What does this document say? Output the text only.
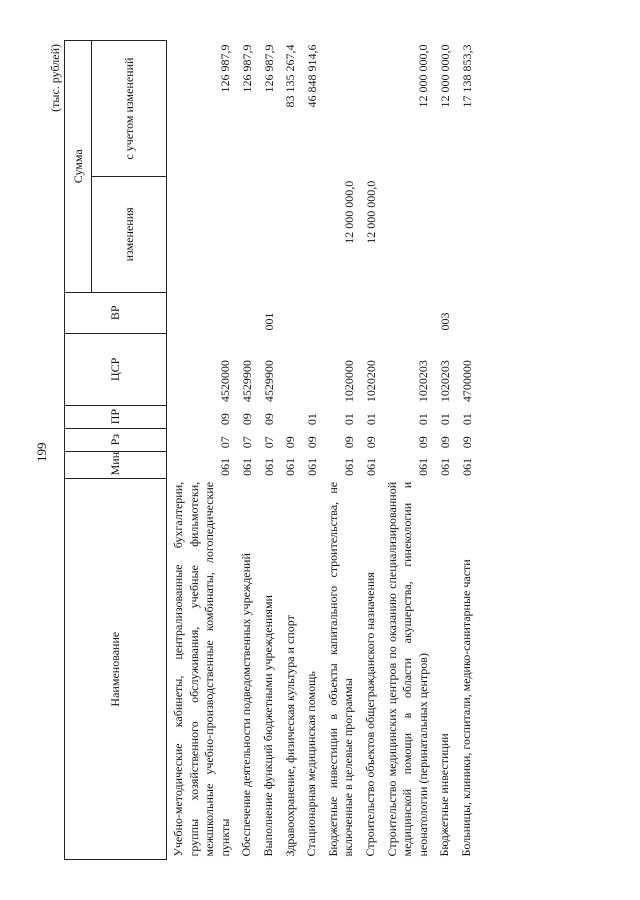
199
(тыс. рублей)
Наименование	Мин	Рз	ПР	ЦСР	ВР	Сумма	
						изменения	с учетом изменений
Учебно-методические кабинеты, централизованные бухгалтерии, группы хозяйственного обслуживания, учебные фильмотеки, межшкольные учебно-производственные комбинаты, логопедические пункты	061	07	09	4520000			126 987,9
Обеспечение деятельности подведомственных учреждений	061	07	09	4529900			126 987,9
Выполнение функций бюджетными учреждениями	061	07	09	4529900	001		126 987,9
Здравоохранение, физическая культура и спорт	061	09					83 135 267,4
Стационарная медицинская помощь	061	09	01				46 848 914,6
Бюджетные инвестиции в объекты капитального строительства, не включенные в целевые программы	061	09	01	1020000		12 000 000,0	
Строительство объектов общегражданского назначения	061	09	01	1020200		12 000 000,0	
Строительство медицинских центров по оказанию специализированной медицинской помощи в области акушерства, гинекологии и неонатологии (перинатальных центров)	061	09	01	1020203			12 000 000,0
Бюджетные инвестиции	061	09	01	1020203	003		12 000 000,0
Больницы, клиники, госпитали, медико-санитарные части	061	09	01	4700000			17 138 853,3
